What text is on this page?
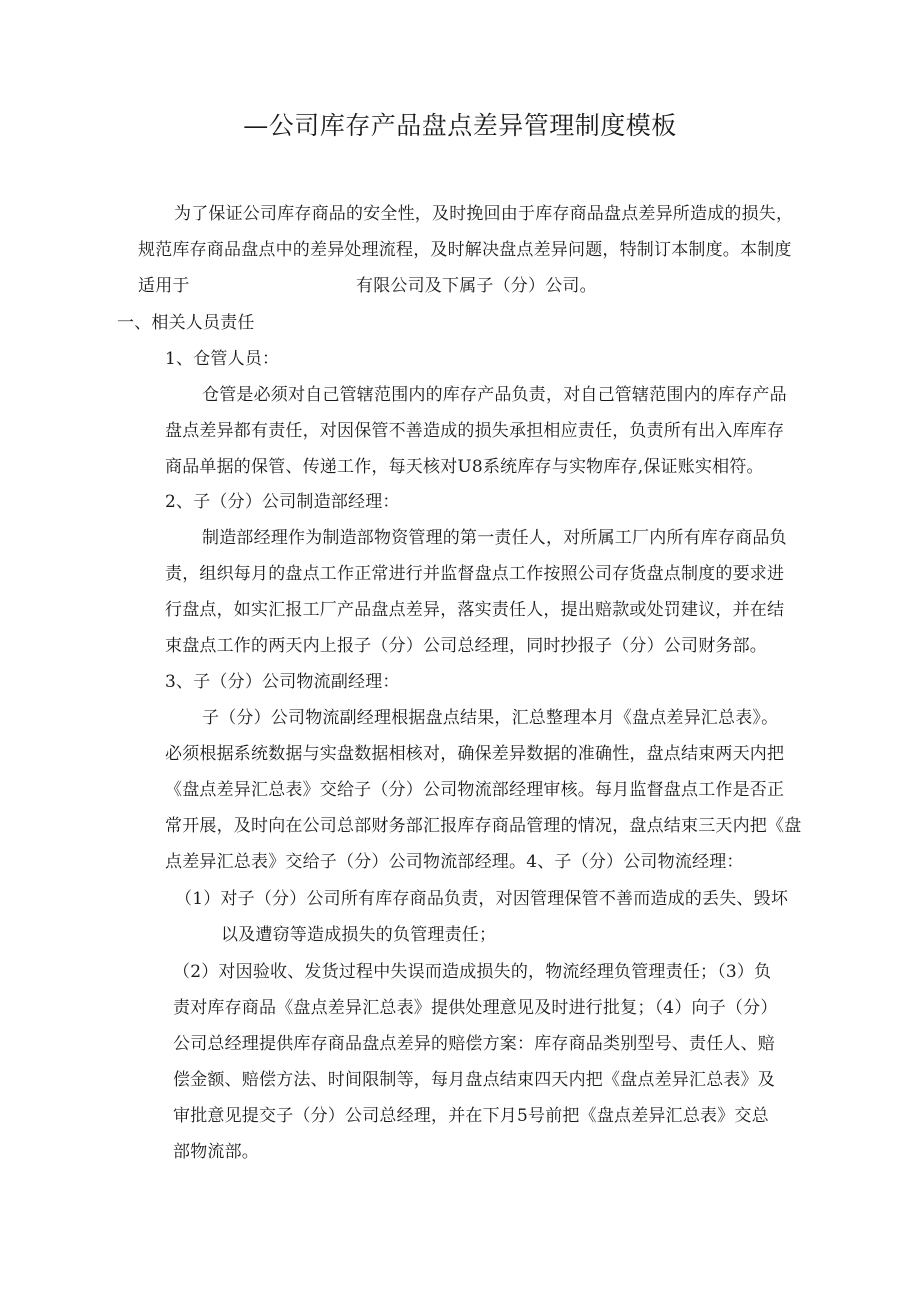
—公司库存产品盘点差异管理制度模板
为了保证公司库存商品的安全性，及时挽回由于库存商品盘点差异所造成的损失，
规范库存商品盘点中的差异处理流程，及时解决盘点差异问题，特制订本制度。本制度
适用于	有限公司及下属子（分）公司。
一、相关人员责任
1、仓管人员：
仓管是必须对自己管辖范围内的库存产品负责，对自己管辖范围内的库存产品
盘点差异都有责任，对因保管不善造成的损失承担相应责任，负责所有出入库库存
商品单据的保管、传递工作，每天核对U8系统库存与实物库存,保证账实相符。
2、子（分）公司制造部经理：
制造部经理作为制造部物资管理的第一责任人，对所属工厂内所有库存商品负
责，组织每月的盘点工作正常进行并监督盘点工作按照公司存货盘点制度的要求进
行盘点，如实汇报工厂产品盘点差异，落实责任人，提出赔款或处罚建议，并在结
束盘点工作的两天内上报子（分）公司总经理，同时抄报子（分）公司财务部。
3、子（分）公司物流副经理：
子（分）公司物流副经理根据盘点结果，汇总整理本月《盘点差异汇总表》。
必须根据系统数据与实盘数据相核对，确保差异数据的准确性，盘点结束两天内把
《盘点差异汇总表》交给子（分）公司物流部经理审核。每月监督盘点工作是否正
常开展，及时向在公司总部财务部汇报库存商品管理的情况，盘点结束三天内把《盘
点差异汇总表》交给子（分）公司物流部经理。4、子（分）公司物流经理：
（1）对子（分）公司所有库存商品负责，对因管理保管不善而造成的丢失、毁坏
以及遭窃等造成损失的负管理责任；
（2）对因验收、发货过程中失误而造成损失的，物流经理负管理责任；（3）负
责对库存商品《盘点差异汇总表》提供处理意见及时进行批复；（4）向子（分）
公司总经理提供库存商品盘点差异的赔偿方案：库存商品类别型号、责任人、赔
偿金额、赔偿方法、时间限制等，每月盘点结束四天内把《盘点差异汇总表》及
审批意见提交子（分）公司总经理，并在下月5号前把《盘点差异汇总表》交总
部物流部。
